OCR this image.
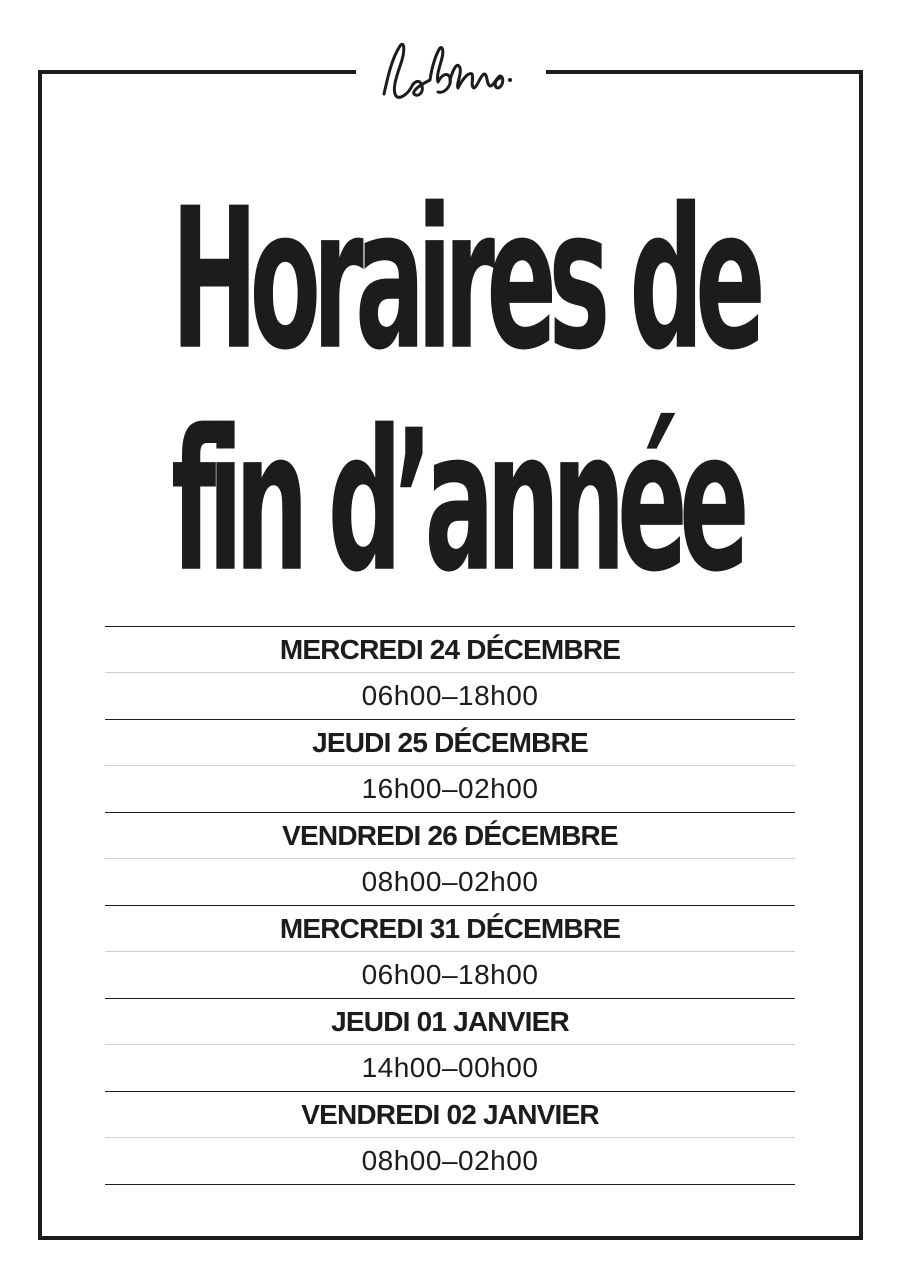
Horaires de
fin d’année
MERCREDI 24 DÉCEMBRE
06h00–18h00
JEUDI 25 DÉCEMBRE
16h00–02h00
VENDREDI 26 DÉCEMBRE
08h00–02h00
MERCREDI 31 DÉCEMBRE
06h00–18h00
JEUDI 01 JANVIER
14h00–00h00
VENDREDI 02 JANVIER
08h00–02h00
